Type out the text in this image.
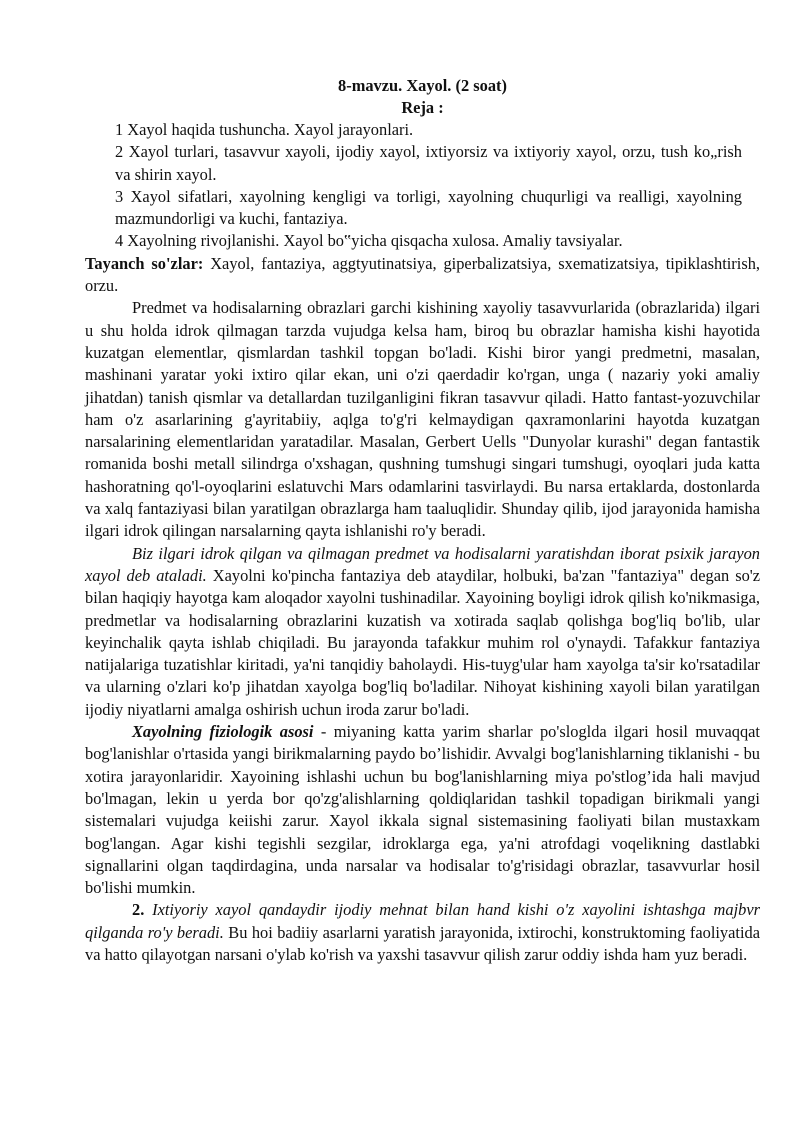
8-mavzu. Xayol. (2 soat)

Reja :

1 Xayol haqida tushuncha. Xayol jarayonlari.

2 Xayol turlari, tasavvur xayoli, ijodiy xayol, ixtiyorsiz va ixtiyoriy xayol, orzu, tush ko„rish va shirin xayol.

3 Xayol sifatlari, xayolning kengligi va torligi, xayolning chuqurligi va realligi, xayolning mazmundorligi va kuchi, fantaziya.

4 Xayolning rivojlanishi. Xayol bo‟yicha qisqacha xulosa. Amaliy tavsiyalar.

Tayanch so'zlar: Xayol, fantaziya, aggtyutinatsiya, giperbalizatsiya, sxematizatsiya, tipiklashtirish, orzu.

Predmet va hodisalarning obrazlari garchi kishining xayoliy tasavvurlarida (obrazlarida) ilgari u shu holda idrok qilmagan tarzda vujudga kelsa ham, biroq bu obrazlar hamisha kishi hayotida kuzatgan elementlar, qismlardan tashkil topgan bo'ladi. Kishi biror yangi predmetni, masalan, mashinani yaratar yoki ixtiro qilar ekan, uni o'zi qaerdadir ko'rgan, unga ( nazariy yoki amaliy jihatdan) tanish qismlar va detallardan tuzilganligini fikran tasavvur qiladi. Hatto fantast-yozuvchilar ham o'z asarlarining g'ayritabiiy, aqlga to'g'ri kelmaydigan qaxramonlarini hayotda kuzatgan narsalarining elementlaridan yaratadilar. Masalan, Gerbert Uells "Dunyolar kurashi" degan fantastik romanida boshi metall silindrga o'xshagan, qushning tumshugi singari tumshugi, oyoqlari juda katta hashoratning qo'l-oyoqlarini eslatuvchi Mars odamlarini tasvirlaydi. Bu narsa ertaklarda, dostonlarda va xalq fantaziyasi bilan yaratilgan obrazlarga ham taaluqlidir. Shunday qilib, ijod jarayonida hamisha ilgari idrok qilingan narsalarning qayta ishlanishi ro'y beradi.

Biz ilgari idrok qilgan va qilmagan predmet va hodisalarni yaratishdan iborat psixik jarayon xayol deb ataladi. Xayolni ko'pincha fantaziya deb ataydilar, holbuki, ba'zan "fantaziya" degan so'z bilan haqiqiy hayotga kam aloqador xayolni tushinadilar. Xayoining boyligi idrok qilish ko'nikmasiga, predmetlar va hodisalarning obrazlarini kuzatish va xotirada saqlab qolishga bog'liq bo'lib, ular keyinchalik qayta ishlab chiqiladi. Bu jarayonda tafakkur muhim rol o'ynaydi. Tafakkur fantaziya natijalariga tuzatishlar kiritadi, ya'ni tanqidiy baholaydi. His-tuyg'ular ham xayolga ta'sir ko'rsatadilar va ularning o'zlari ko'p jihatdan xayolga bog'liq bo'ladilar. Nihoyat kishining xayoli bilan yaratilgan ijodiy niyatlarni amalga oshirish uchun iroda zarur bo'ladi.

Xayolning fiziologik asosi - miyaning katta yarim sharlar po'sloglda ilgari hosil muvaqqat bog'lanishlar o'rtasida yangi birikmalarning paydo bo’lishidir. Avvalgi bog'lanishlarning tiklanishi - bu xotira jarayonlaridir. Xayoining ishlashi uchun bu bog'lanishlarning miya po'stlog’ida hali mavjud bo'lmagan, lekin u yerda bor qo'zg'alishlarning qoldiqlaridan tashkil topadigan birikmali yangi sistemalari vujudga keiishi zarur. Xayol ikkala signal sistemasining faoliyati bilan mustaxkam bog'langan. Agar kishi tegishli sezgilar, idroklarga ega, ya'ni atrofdagi voqelikning dastlabki signallarini olgan taqdirdagina, unda narsalar va hodisalar to'g'risidagi obrazlar, tasavvurlar hosil bo'lishi mumkin.

2. Ixtiyoriy xayol qandaydir ijodiy mehnat bilan hand kishi o'z xayolini ishtashga majbvr qilganda ro'y beradi. Bu hoi badiiy asarlarni yaratish jarayonida, ixtirochi, konstruktoming faoliyatida va hatto qilayotgan narsani o'ylab ko'rish va yaxshi tasavvur qilish zarur oddiy ishda ham yuz beradi.
